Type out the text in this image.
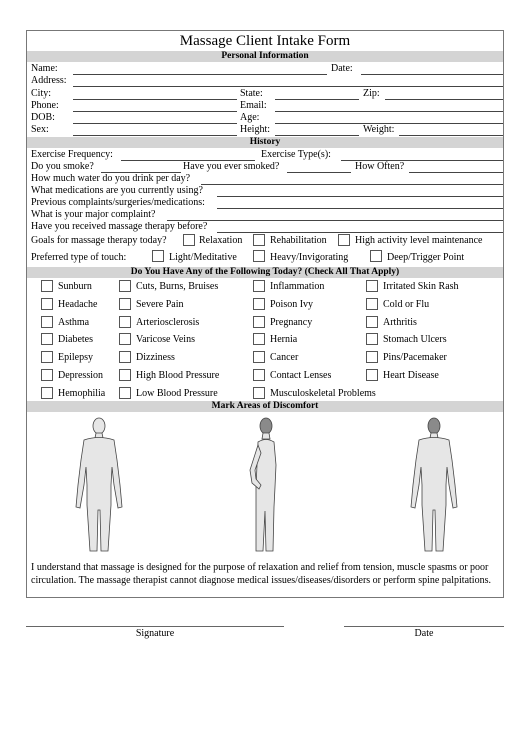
Massage Client Intake Form
Personal Information
Name:	Date:
Address:
City:	State:	Zip:
Phone:	Email:
DOB:	Age:
Sex:	Height:	Weight:
History
Exercise Frequency:	Exercise Type(s):
Do you smoke?	Have you ever smoked?	How Often?
How much water do you drink per day?
What medications are you currently using?
Previous complaints/surgeries/medications:
What is your major complaint?
Have you received massage therapy before?
Goals for massage therapy today?	Relaxation	Rehabilitation	High activity level maintenance
Preferred type of touch:	Light/Meditative	Heavy/Invigorating	Deep/Trigger Point
Do You Have Any of the Following Today? (Check All That Apply)
Sunburn	Cuts, Burns, Bruises	Inflammation	Irritated Skin Rash
Headache	Severe Pain	Poison Ivy	Cold or Flu
Asthma	Arteriosclerosis	Pregnancy	Arthritis
Diabetes	Varicose Veins	Hernia	Stomach Ulcers
Epilepsy	Dizziness	Cancer	Pins/Pacemaker
Depression	High Blood Pressure	Contact Lenses	Heart Disease
Hemophilia	Low Blood Pressure	Musculoskeletal Problems
Mark Areas of Discomfort
I understand that massage is designed for the purpose of relaxation and relief from tension, muscle spasms or poor circulation. The massage therapist cannot diagnose medical issues/diseases/disorders or perform spine palpitations.
Signature	Date
